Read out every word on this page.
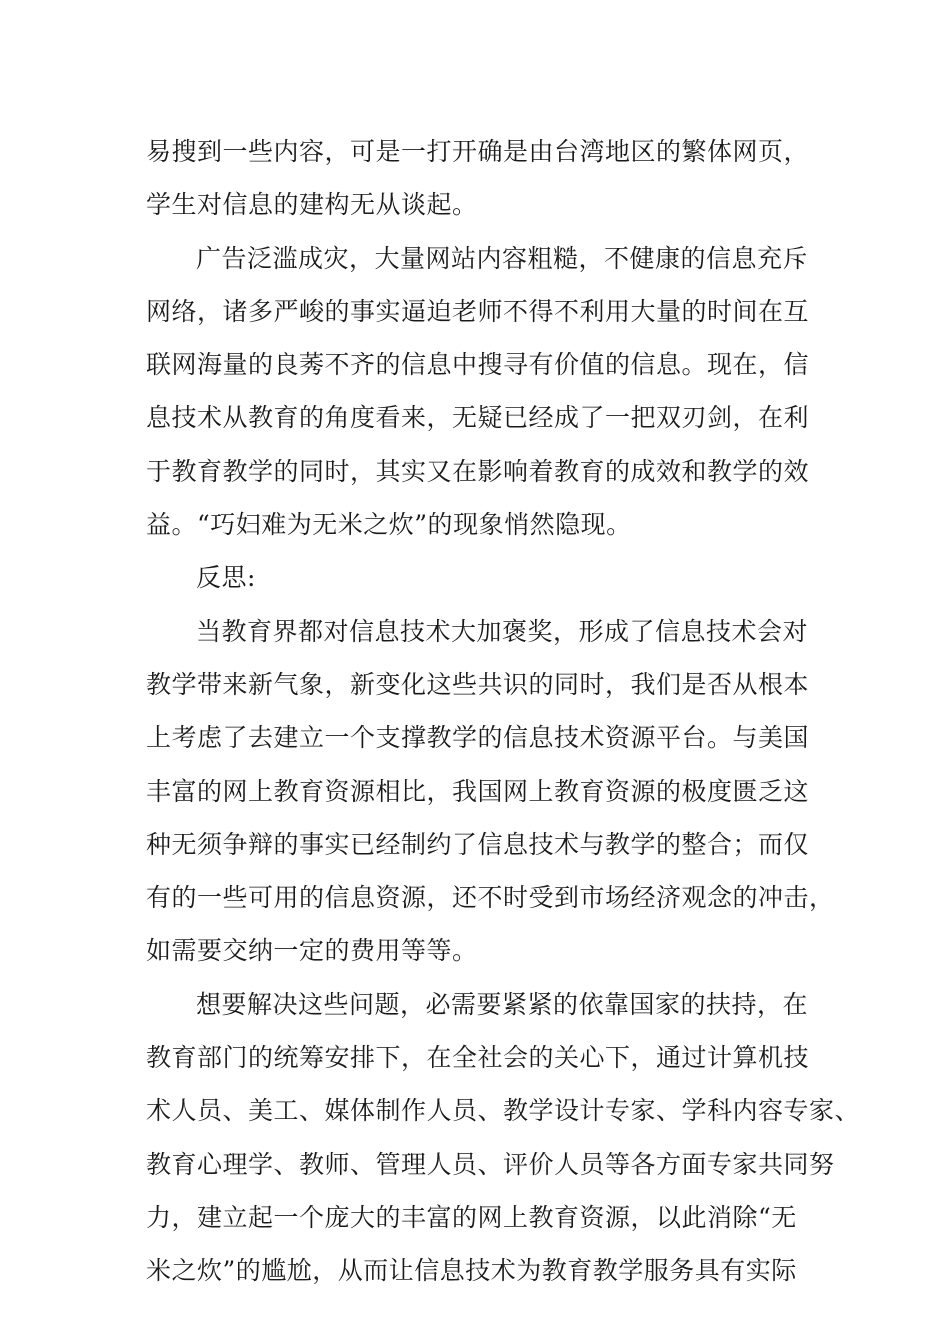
易搜到一些内容，可是一打开确是由台湾地区的繁体网页，
学生对信息的建构无从谈起。
广告泛滥成灾，大量网站内容粗糙，不健康的信息充斥
网络，诸多严峻的事实逼迫老师不得不利用大量的时间在互
联网海量的良莠不齐的信息中搜寻有价值的信息。现在，信
息技术从教育的角度看来，无疑已经成了一把双刃剑，在利
于教育教学的同时，其实又在影响着教育的成效和教学的效
益。“巧妇难为无米之炊”的现象悄然隐现。
反思:
当教育界都对信息技术大加褒奖，形成了信息技术会对
教学带来新气象，新变化这些共识的同时，我们是否从根本
上考虑了去建立一个支撑教学的信息技术资源平台。与美国
丰富的网上教育资源相比，我国网上教育资源的极度匮乏这
种无须争辩的事实已经制约了信息技术与教学的整合；而仅
有的一些可用的信息资源，还不时受到市场经济观念的冲击，
如需要交纳一定的费用等等。
想要解决这些问题，必需要紧紧的依靠国家的扶持，在
教育部门的统筹安排下，在全社会的关心下，通过计算机技
术人员、美工、媒体制作人员、教学设计专家、学科内容专家、
教育心理学、教师、管理人员、评价人员等各方面专家共同努
力，建立起一个庞大的丰富的网上教育资源，以此消除“无
米之炊”的尴尬，从而让信息技术为教育教学服务具有实际
